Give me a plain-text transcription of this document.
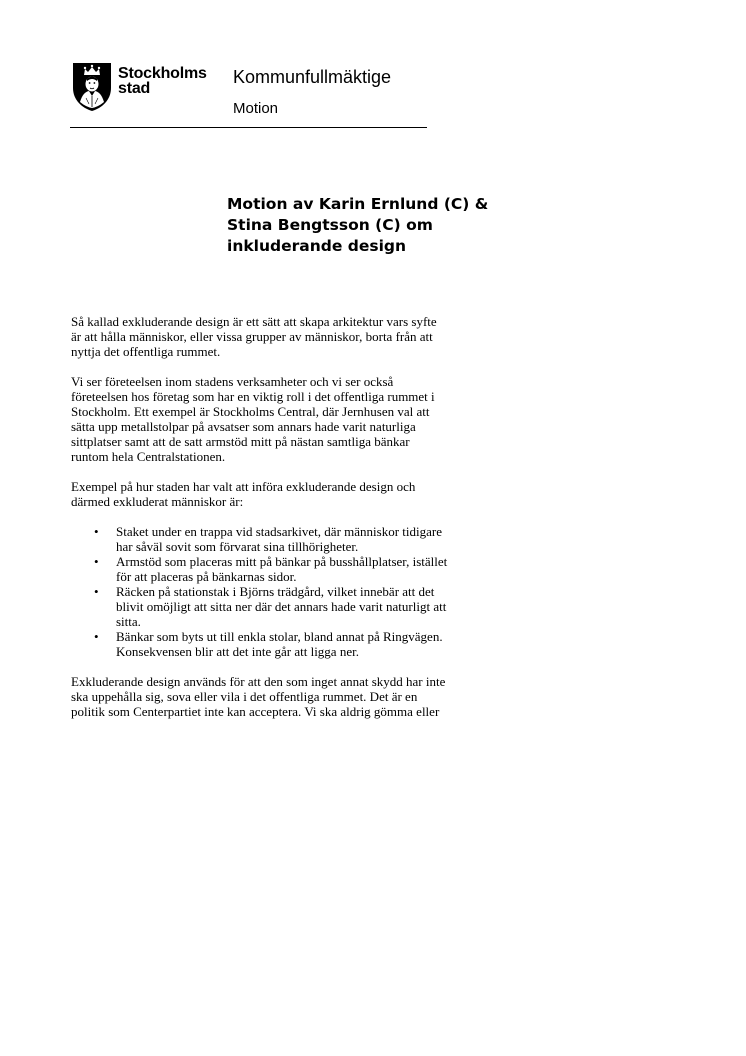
Stockholms
stad
Kommunfullmäktige
Motion
Motion av Karin Ernlund (C) &
Stina Bengtsson (C) om
inkluderande design

Så kallad exkluderande design är ett sätt att skapa arkitektur vars syfte
är att hålla människor, eller vissa grupper av människor, borta från att
nyttja det offentliga rummet.

Vi ser företeelsen inom stadens verksamheter och vi ser också
företeelsen hos företag som har en viktig roll i det offentliga rummet i
Stockholm. Ett exempel är Stockholms Central, där Jernhusen val att
sätta upp metallstolpar på avsatser som annars hade varit naturliga
sittplatser samt att de satt armstöd mitt på nästan samtliga bänkar
runtom hela Centralstationen.

Exempel på hur staden har valt att införa exkluderande design och
därmed exkluderat människor är:

• Staket under en trappa vid stadsarkivet, där människor tidigare
har såväl sovit som förvarat sina tillhörigheter.
• Armstöd som placeras mitt på bänkar på busshållplatser, istället
för att placeras på bänkarnas sidor.
• Räcken på stationstak i Björns trädgård, vilket innebär att det
blivit omöjligt att sitta ner där det annars hade varit naturligt att
sitta.
• Bänkar som byts ut till enkla stolar, bland annat på Ringvägen.
Konsekvensen blir att det inte går att ligga ner.

Exkluderande design används för att den som inget annat skydd har inte
ska uppehålla sig, sova eller vila i det offentliga rummet. Det är en
politik som Centerpartiet inte kan acceptera. Vi ska aldrig gömma eller
